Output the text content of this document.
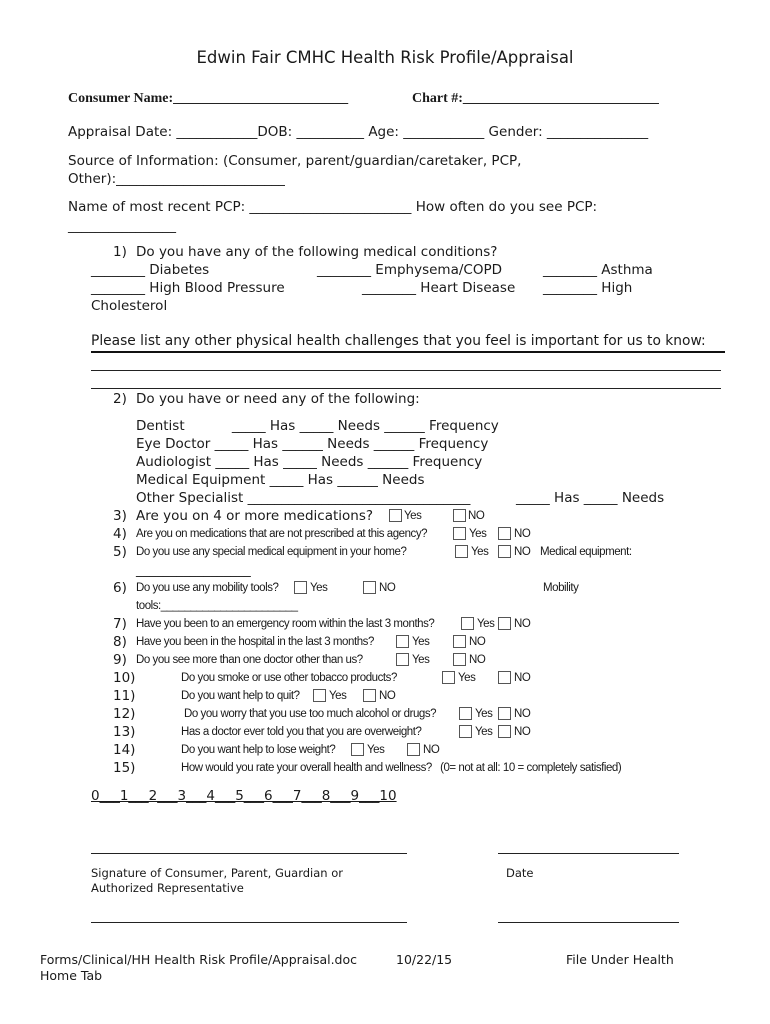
Edwin Fair CMHC Health Risk Profile/Appraisal
Consumer Name:_________________________	Chart #:____________________________
Appraisal Date: ____________DOB: __________ Age: ____________ Gender: _______________
Source of Information: (Consumer, parent/guardian/caretaker, PCP,
Other):_________________________
Name of most recent PCP: ________________________ How often do you see PCP:
________________
1) Do you have any of the following medical conditions?
________ Diabetes	________ Emphysema/COPD	________ Asthma
________ High Blood Pressure	________ Heart Disease ________ High
Cholesterol
Please list any other physical health challenges that you feel is important for us to know:
2) Do you have or need any of the following:
Dentist           _____ Has _____ Needs ______ Frequency
Eye Doctor _____ Has ______ Needs ______ Frequency
Audiologist _____ Has _____ Needs ______ Frequency
Medical Equipment _____ Has ______ Needs
Other Specialist _________________________________	_____ Has _____ Needs
3) Are you on 4 or more medications?	Yes	NO
4) Are you on medications that are not prescribed at this agency?	Yes NO
5) Do you use any special medical equipment in your home?	Yes NO Medical equipment:
_________________
6) Do you use any mobility tools?	Yes	NO	Mobility
tools:_______________________
7) Have you been to an emergency room within the last 3 months?	Yes NO
8) Have you been in the hospital in the last 3 months?	Yes	NO
9) Do you see more than one doctor other than us?	Yes	NO
10)	Do you smoke or use other tobacco products?	Yes	NO
11)	Do you want help to quit?	Yes	NO
12)	Do you worry that you use too much alcohol or drugs?	Yes NO
13)	Has a doctor ever told you that you are overweight?	Yes NO
14)	Do you want help to lose weight?	Yes	NO
15)	How would you rate your overall health and wellness?   (0= not at all: 10 = completely satisfied)
0___1___2___3___4___5___6___7___8___9___10
Signature of Consumer, Parent, Guardian or
Authorized Representative
Date
Forms/Clinical/HH Health Risk Profile/Appraisal.doc	10/22/15	File Under Health
Home Tab
